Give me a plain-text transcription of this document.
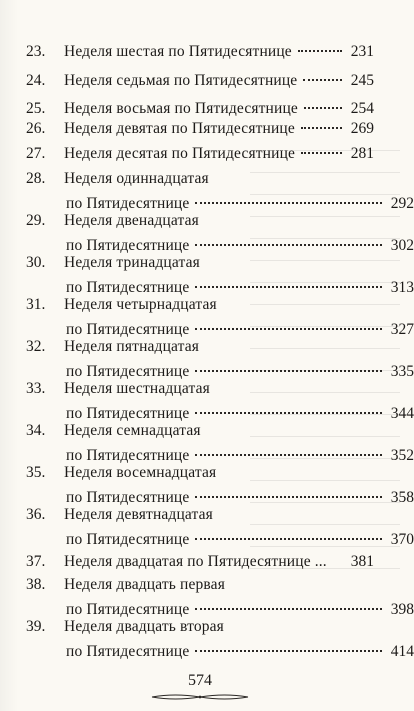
23.	Неделя шестая по Пятидесятнице	231
24.	Неделя седьмая по Пятидесятнице	245
25.	Неделя восьмая по Пятидесятнице	254
26.	Неделя девятая по Пятидесятнице	269
27.	Неделя десятая по Пятидесятнице	281
28.	Неделя одиннадцатая
по Пятидесятнице	292
29.	Неделя двенадцатая
по Пятидесятнице	302
30.	Неделя тринадцатая
по Пятидесятнице	313
31.	Неделя четырнадцатая
по Пятидесятнице	327
32.	Неделя пятнадцатая
по Пятидесятнице	335
33.	Неделя шестнадцатая
по Пятидесятнице	344
34.	Неделя семнадцатая
по Пятидесятнице	352
35.	Неделя восемнадцатая
по Пятидесятнице	358
36.	Неделя девятнадцатая
по Пятидесятнице	370
37.	Неделя двадцатая по Пятидесятнице ... 381
38.	Неделя двадцать первая
по Пятидесятнице	398
39.	Неделя двадцать вторая
по Пятидесятнице	414
574
